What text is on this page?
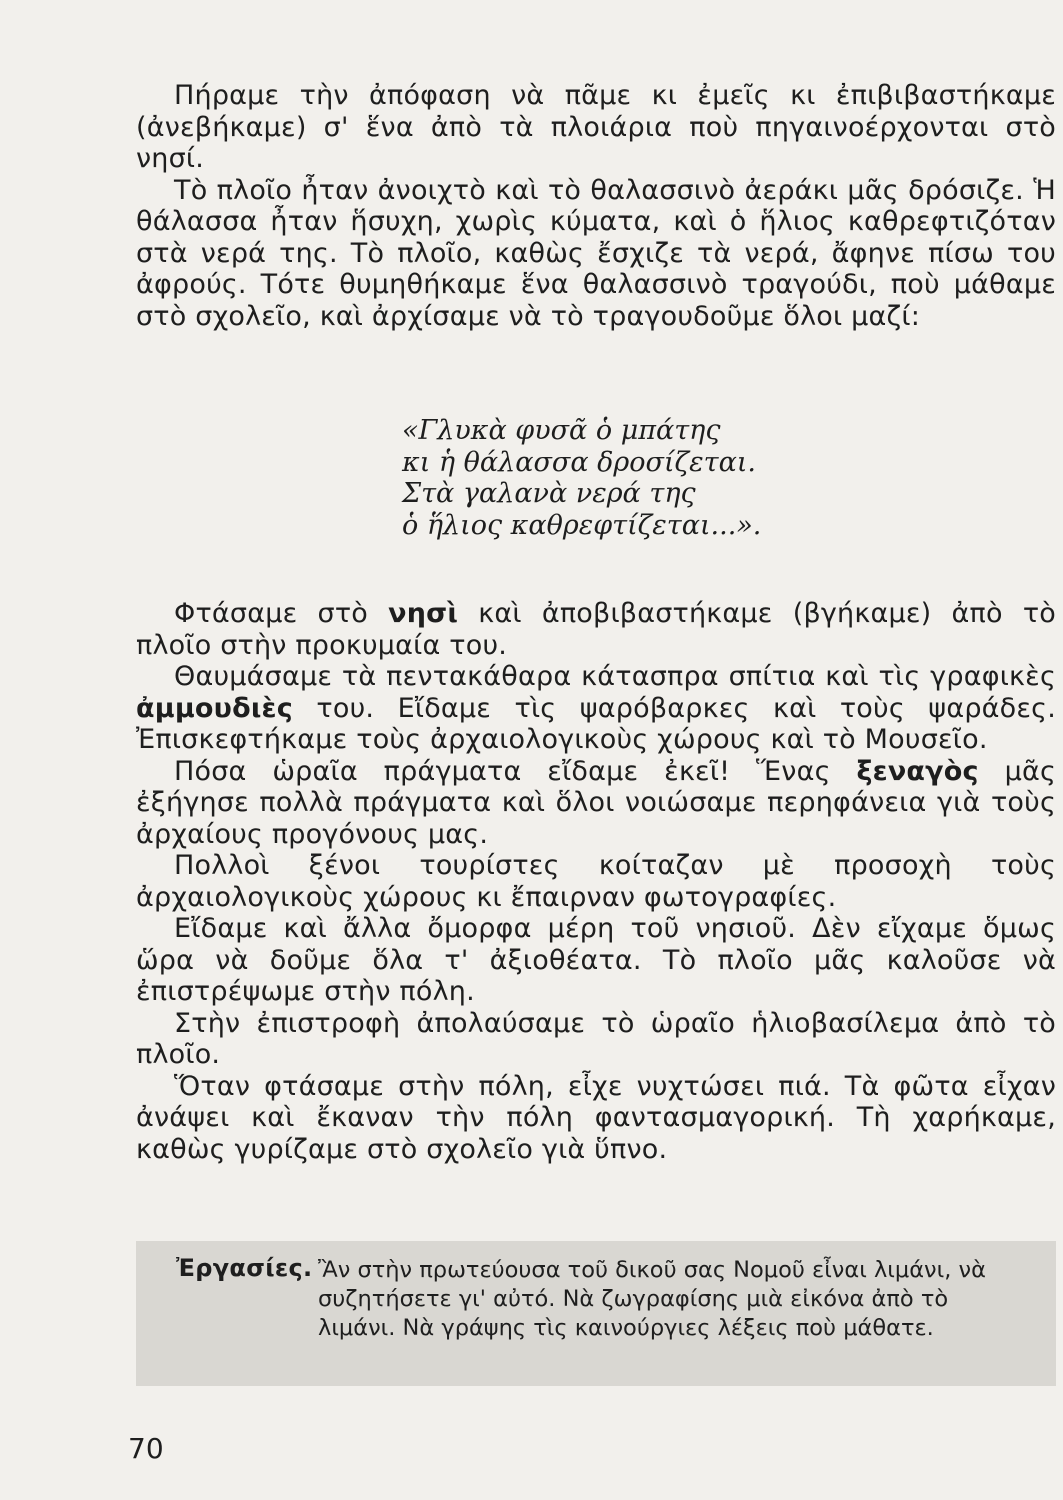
Πήραμε τὴν ἀπόφαση νὰ πᾶμε κι ἐμεῖς κι ἐπιβιβαστήκαμε (ἀνεβήκαμε) σ' ἕνα ἀπὸ τὰ πλοιάρια ποὺ πηγαινοέρχονται στὸ νησί.

Τὸ πλοῖο ἦταν ἀνοιχτὸ καὶ τὸ θαλασσινὸ ἀεράκι μᾶς δρόσιζε. Ἡ θάλασσα ἦταν ἥσυχη, χωρὶς κύματα, καὶ ὁ ἥλιος καθρεφτιζόταν στὰ νερά της. Τὸ πλοῖο, καθὼς ἔσχιζε τὰ νερά, ἄφηνε πίσω του ἀφρούς. Τότε θυμηθήκαμε ἕνα θαλασσινὸ τραγούδι, ποὺ μάθαμε στὸ σχολεῖο, καὶ ἀρχίσαμε νὰ τὸ τραγουδοῦμε ὅλοι μαζί:

«Γλυκὰ φυσᾶ ὁ μπάτης
κι ἡ θάλασσα δροσίζεται.
Στὰ γαλανὰ νερά της
ὁ ἥλιος καθρεφτίζεται...».

Φτάσαμε στὸ νησὶ καὶ ἀποβιβαστήκαμε (βγήκαμε) ἀπὸ τὸ πλοῖο στὴν προκυμαία του.

Θαυμάσαμε τὰ πεντακάθαρα κάτασπρα σπίτια καὶ τὶς γραφικὲς ἀμμουδιὲς του. Εἴδαμε τὶς ψαρόβαρκες καὶ τοὺς ψαράδες. Ἐπισκεφτήκαμε τοὺς ἀρχαιολογικοὺς χώρους καὶ τὸ Μουσεῖο.

Πόσα ὡραῖα πράγματα εἴδαμε ἐκεῖ! Ἕνας ξεναγὸς μᾶς ἐξήγησε πολλὰ πράγματα καὶ ὅλοι νοιώσαμε περηφάνεια γιὰ τοὺς ἀρχαίους προγόνους μας.

Πολλοὶ ξένοι τουρίστες κοίταζαν μὲ προσοχὴ τοὺς ἀρχαιολογικοὺς χώρους κι ἔπαιρναν φωτογραφίες.

Εἴδαμε καὶ ἄλλα ὄμορφα μέρη τοῦ νησιοῦ. Δὲν εἴχαμε ὅμως ὥρα νὰ δοῦμε ὅλα τ' ἀξιοθέατα. Τὸ πλοῖο μᾶς καλοῦσε νὰ ἐπιστρέψωμε στὴν πόλη.

Στὴν ἐπιστροφὴ ἀπολαύσαμε τὸ ὡραῖο ἡλιοβασίλεμα ἀπὸ τὸ πλοῖο.

Ὅταν φτάσαμε στὴν πόλη, εἶχε νυχτώσει πιά. Τὰ φῶτα εἶχαν ἀνάψει καὶ ἔκαναν τὴν πόλη φαντασμαγορική. Τὴ χαρήκαμε, καθὼς γυρίζαμε στὸ σχολεῖο γιὰ ὕπνο.

Ἐργασίες. Ἂν στὴν πρωτεύουσα τοῦ δικοῦ σας Νομοῦ εἶναι λιμάνι, νὰ συζητήσετε γι' αὐτό. Νὰ ζωγραφίσης μιὰ εἰκόνα ἀπὸ τὸ λιμάνι. Νὰ γράψης τὶς καινούργιες λέξεις ποὺ μάθατε.
70
